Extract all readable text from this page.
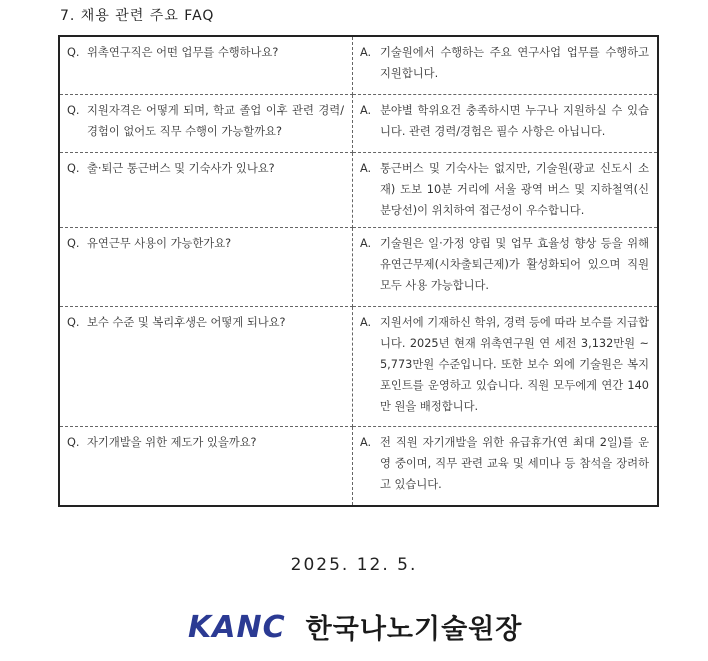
7. 채용 관련 주요 FAQ
Q. 위촉연구직은 어떤 업무를 수행하나요?	A. 기술원에서 수행하는 주요 연구사업 업무를 수행하고 지원합니다.

Q. 지원자격은 어떻게 되며, 학교 졸업 이후 관련 경력/경험이 없어도 직무 수행이 가능할까요?	A. 분야별 학위요건 충족하시면 누구나 지원하실 수 있습니다. 관련 경력/경험은 필수 사항은 아닙니다.

Q. 출·퇴근 통근버스 및 기숙사가 있나요?	A. 통근버스 및 기숙사는 없지만, 기술원(광교 신도시 소재) 도보 10분 거리에 서울 광역 버스 및 지하철역(신분당선)이 위치하여 접근성이 우수합니다.

Q. 유연근무 사용이 가능한가요?	A. 기술원은 일·가정 양립 및 업무 효율성 향상 등을 위해 유연근무제(시차출퇴근제)가 활성화되어 있으며 직원 모두 사용 가능합니다.

Q. 보수 수준 및 복리후생은 어떻게 되나요?	A. 지원서에 기재하신 학위, 경력 등에 따라 보수를 지급합니다. 2025년 현재 위촉연구원 연 세전 3,132만원 ~ 5,773만원 수준입니다. 또한 보수 외에 기술원은 복지포인트를 운영하고 있습니다. 직원 모두에게 연간 140만 원을 배정합니다.

Q. 자기개발을 위한 제도가 있을까요?	A. 전 직원 자기개발을 위한 유급휴가(연 최대 2일)를 운영 중이며, 직무 관련 교육 및 세미나 등 참석을 장려하고 있습니다.
2025. 12. 5.
KANC 한국나노기술원장
